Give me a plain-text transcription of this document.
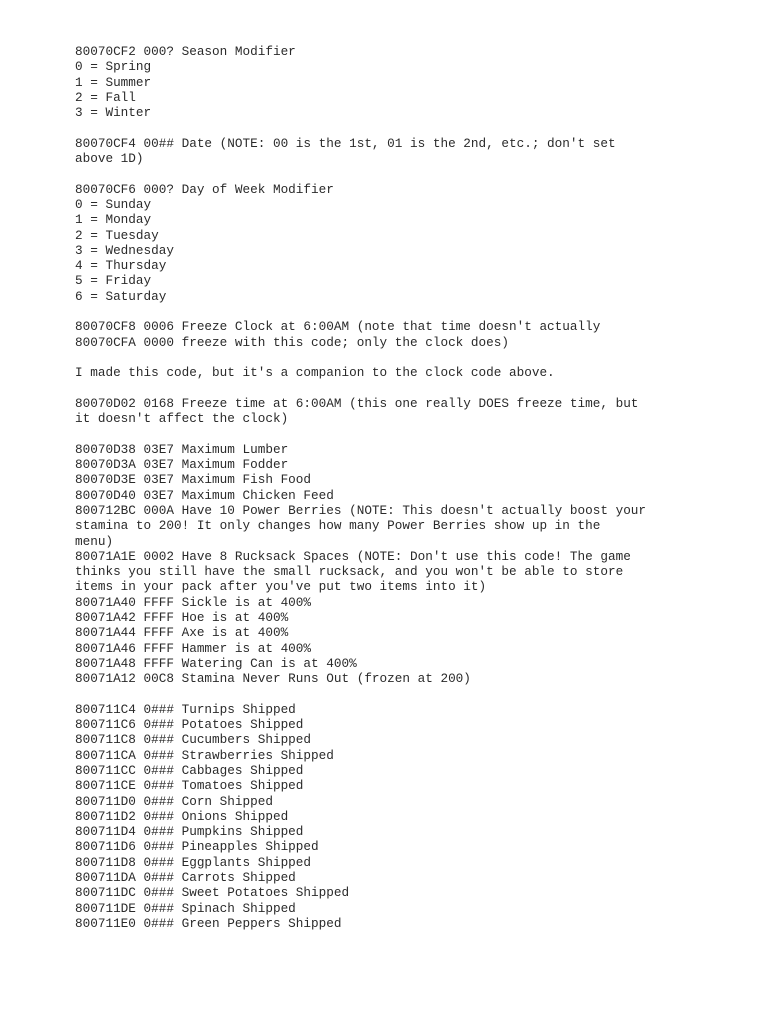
80070CF2 000? Season Modifier
0 = Spring
1 = Summer
2 = Fall
3 = Winter
80070CF4 00## Date (NOTE: 00 is the 1st, 01 is the 2nd, etc.; don't set
above 1D)
80070CF6 000? Day of Week Modifier
0 = Sunday
1 = Monday
2 = Tuesday
3 = Wednesday
4 = Thursday
5 = Friday
6 = Saturday
80070CF8 0006 Freeze Clock at 6:00AM (note that time doesn't actually
80070CFA 0000 freeze with this code; only the clock does)
I made this code, but it's a companion to the clock code above.
80070D02 0168 Freeze time at 6:00AM (this one really DOES freeze time, but
it doesn't affect the clock)
80070D38 03E7 Maximum Lumber
80070D3A 03E7 Maximum Fodder
80070D3E 03E7 Maximum Fish Food
80070D40 03E7 Maximum Chicken Feed
800712BC 000A Have 10 Power Berries (NOTE: This doesn't actually boost your
stamina to 200! It only changes how many Power Berries show up in the
menu)
80071A1E 0002 Have 8 Rucksack Spaces (NOTE: Don't use this code! The game
thinks you still have the small rucksack, and you won't be able to store
items in your pack after you've put two items into it)
80071A40 FFFF Sickle is at 400%
80071A42 FFFF Hoe is at 400%
80071A44 FFFF Axe is at 400%
80071A46 FFFF Hammer is at 400%
80071A48 FFFF Watering Can is at 400%
80071A12 00C8 Stamina Never Runs Out (frozen at 200)
800711C4 0### Turnips Shipped
800711C6 0### Potatoes Shipped
800711C8 0### Cucumbers Shipped
800711CA 0### Strawberries Shipped
800711CC 0### Cabbages Shipped
800711CE 0### Tomatoes Shipped
800711D0 0### Corn Shipped
800711D2 0### Onions Shipped
800711D4 0### Pumpkins Shipped
800711D6 0### Pineapples Shipped
800711D8 0### Eggplants Shipped
800711DA 0### Carrots Shipped
800711DC 0### Sweet Potatoes Shipped
800711DE 0### Spinach Shipped
800711E0 0### Green Peppers Shipped
